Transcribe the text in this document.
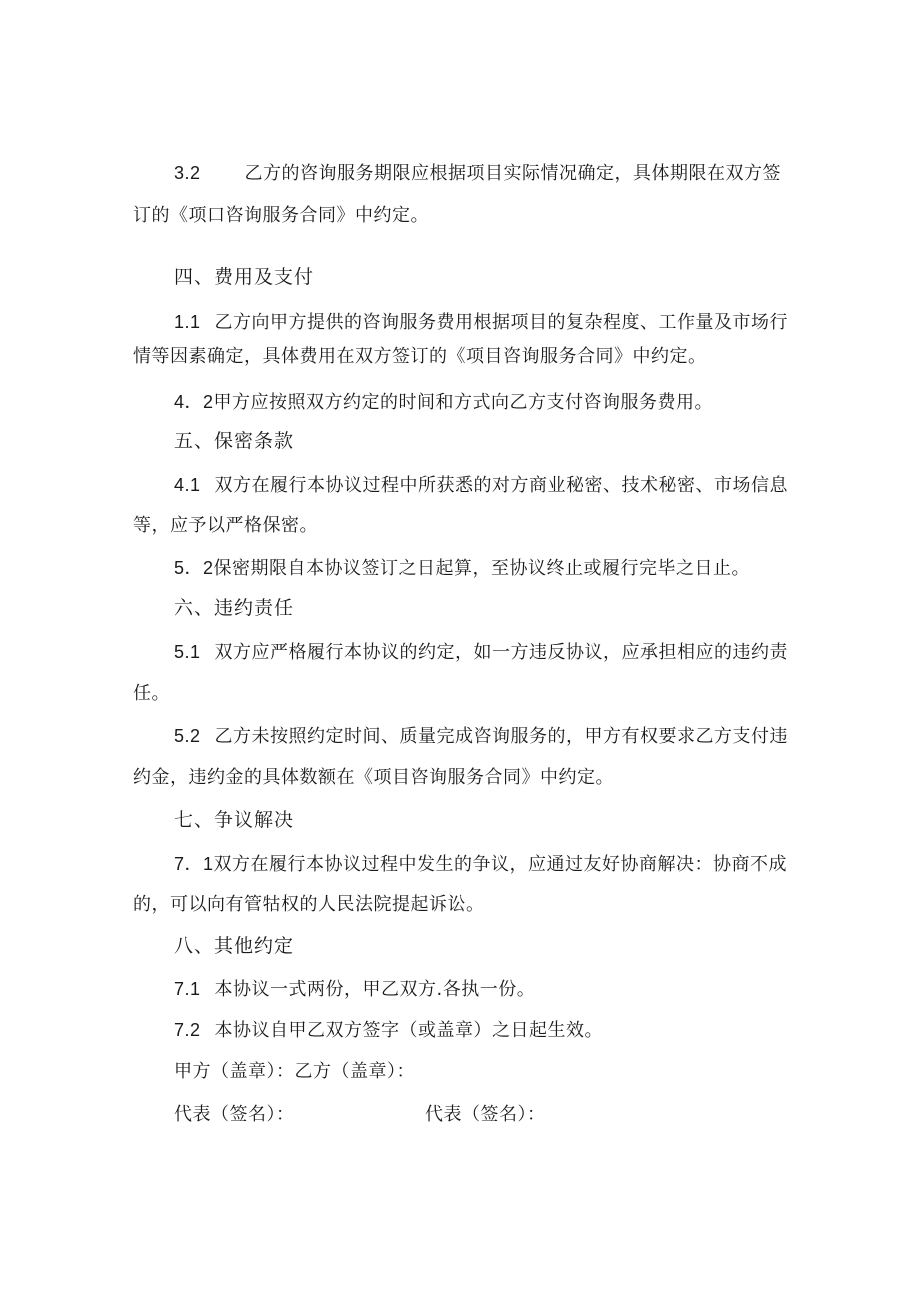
3.2 乙方的咨询服务期限应根据项目实际情况确定，具体期限在双方签
订的《项口咨询服务合同》中约定。
四、费用及支付
1.1 乙方向甲方提供的咨询服务费用根据项目的复杂程度、工作量及市场行
情等因素确定，具体费用在双方签订的《项目咨询服务合同》中约定。
4．2甲方应按照双方约定的时间和方式向乙方支付咨询服务费用。
五、保密条款
4.1 双方在履行本协议过程中所获悉的对方商业秘密、技术秘密、市场信息
等，应予以严格保密。
5．2保密期限自本协议签订之日起算，至协议终止或履行完毕之日止。
六、违约责任
5.1 双方应严格履行本协议的约定，如一方违反协议，应承担相应的违约责
任。
5.2 乙方未按照约定时间、质量完成咨询服务的，甲方有权要求乙方支付违
约金，违约金的具体数额在《项目咨询服务合同》中约定。
七、争议解决
7．1双方在履行本协议过程中发生的争议，应通过友好协商解决：协商不成
的，可以向有管牯权的人民法院提起诉讼。
八、其他约定
7.1 本协议一式两份，甲乙双方.各执一份。
7.2 本协议自甲乙双方签字（或盖章）之日起生效。
甲方（盖章）：乙方（盖章）：
代表（签名）：	代表（签名）：
